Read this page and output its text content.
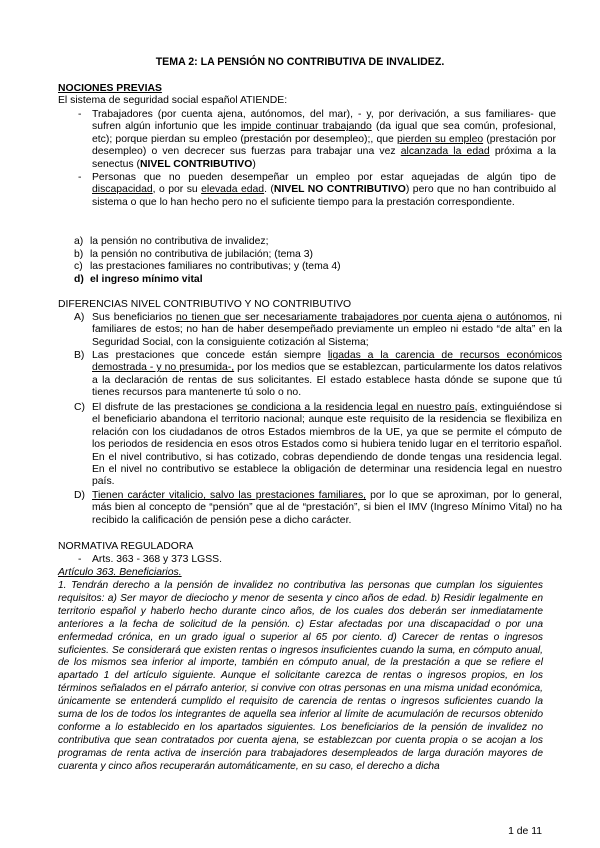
TEMA 2: LA PENSIÓN NO CONTRIBUTIVA DE INVALIDEZ.
NOCIONES PREVIAS
El sistema de seguridad social español ATIENDE:
- Trabajadores (por cuenta ajena, autónomos, del mar), - y, por derivación, a sus familiares- que sufren algún infortunio que les impide continuar trabajando (da igual que sea común, profesional, etc); porque pierdan su empleo (prestación por desempleo);, que pierden su empleo (prestación por desempleo) o ven decrecer sus fuerzas para trabajar una vez alcanzada la edad próxima a la senectus (NIVEL CONTRIBUTIVO)
- Personas que no pueden desempeñar un empleo por estar aquejadas de algún tipo de discapacidad, o por su elevada edad. (NIVEL NO CONTRIBUTIVO) pero que no han contribuido al sistema o que lo han hecho pero no el suficiente tiempo para la prestación correspondiente.
a) la pensión no contributiva de invalidez;
b) la pensión no contributiva de jubilación; (tema 3)
c) las prestaciones familiares no contributivas; y (tema 4)
d) el ingreso mínimo vital
DIFERENCIAS NIVEL CONTRIBUTIVO Y NO CONTRIBUTIVO
A) Sus beneficiarios no tienen que ser necesariamente trabajadores por cuenta ajena o autónomos, ni familiares de estos; no han de haber desempeñado previamente un empleo ni estado “de alta” en la Seguridad Social, con la consiguiente cotización al Sistema;
B) Las prestaciones que concede están siempre ligadas a la carencia de recursos económicos demostrada - y no presumida-, por los medios que se establezcan, particularmente los datos relativos a la declaración de rentas de sus solicitantes. El estado establece hasta dónde se supone que tú tienes recursos para mantenerte tú solo o no.
C) El disfrute de las prestaciones se condiciona a la residencia legal en nuestro país, extinguiéndose si el beneficiario abandona el territorio nacional; aunque este requisito de la residencia se flexibiliza en relación con los ciudadanos de otros Estados miembros de la UE, ya que se permite el cómputo de los periodos de residencia en esos otros Estados como si hubiera tenido lugar en el territorio español. En el nivel contributivo, si has cotizado, cobras dependiendo de donde tengas una residencia legal. En el nivel no contributivo se establece la obligación de determinar una residencia legal en nuestro país.
D) Tienen carácter vitalicio, salvo las prestaciones familiares, por lo que se aproximan, por lo general, más bien al concepto de “pensión” que al de “prestación”, si bien el IMV (Ingreso Mínimo Vital) no ha recibido la calificación de pensión pese a dicho carácter.
NORMATIVA REGULADORA
- Arts. 363 - 368 y 373 LGSS.
Artículo 363. Beneficiarios.
1. Tendrán derecho a la pensión de invalidez no contributiva las personas que cumplan los siguientes requisitos: a) Ser mayor de dieciocho y menor de sesenta y cinco años de edad. b) Residir legalmente en territorio español y haberlo hecho durante cinco años, de los cuales dos deberán ser inmediatamente anteriores a la fecha de solicitud de la pensión. c) Estar afectadas por una discapacidad o por una enfermedad crónica, en un grado igual o superior al 65 por ciento. d) Carecer de rentas o ingresos suficientes. Se considerará que existen rentas o ingresos insuficientes cuando la suma, en cómputo anual, de los mismos sea inferior al importe, también en cómputo anual, de la prestación a que se refiere el apartado 1 del artículo siguiente. Aunque el solicitante carezca de rentas o ingresos propios, en los términos señalados en el párrafo anterior, si convive con otras personas en una misma unidad económica, únicamente se entenderá cumplido el requisito de carencia de rentas o ingresos suficientes cuando la suma de los de todos los integrantes de aquella sea inferior al límite de acumulación de recursos obtenido conforme a lo establecido en los apartados siguientes. Los beneficiarios de la pensión de invalidez no contributiva que sean contratados por cuenta ajena, se establezcan por cuenta propia o se acojan a los programas de renta activa de inserción para trabajadores desempleados de larga duración mayores de cuarenta y cinco años recuperarán automáticamente, en su caso, el derecho a dicha
1 de 11
